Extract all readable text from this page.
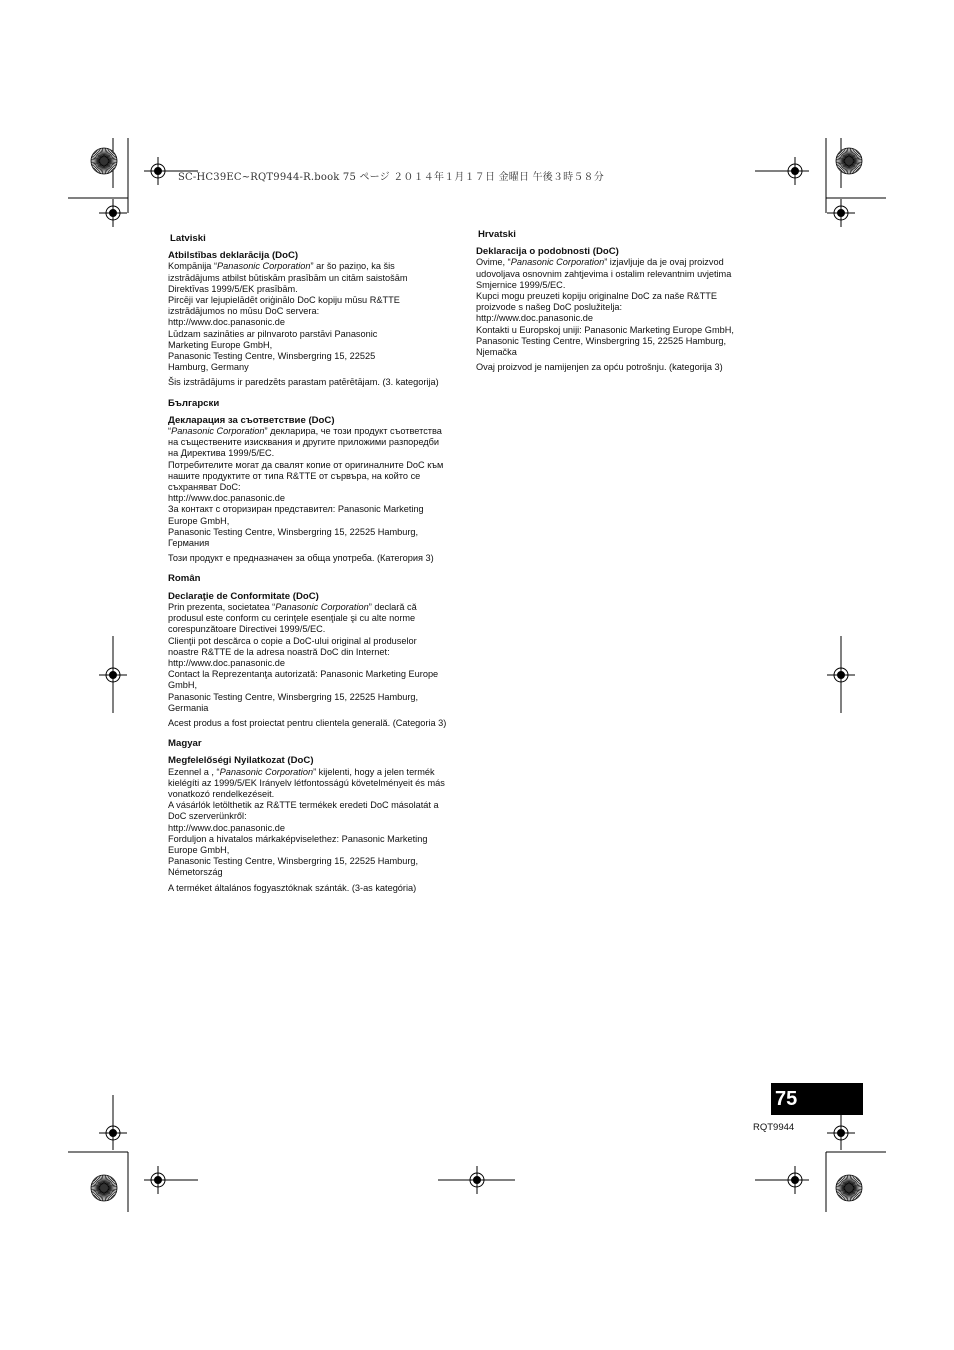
SC-HC39EC~RQT9944-R.book 75 ページ ２０１４年１月１７日 金曜日 午後３時５８分
Latviski
Atbilstības deklarācija (DoC)
Kompānija “Panasonic Corporation” ar šo paziņo, ka šis
izstrādājums atbilst būtiskām prasībām un citām saistošām
Direktīvas 1999/5/EK prasībām.
Pircēji var lejupielādēt oriģinālo DoC kopiju mūsu R&TTE
izstrādājumos no mūsu DoC servera:
http://www.doc.panasonic.de
Lūdzam sazināties ar pilnvaroto parstāvi Panasonic
Marketing Europe GmbH,
Panasonic Testing Centre, Winsbergring 15, 22525
Hamburg, Germany
Šis izstrādājums ir paredzēts parastam patērētājam. (3. kategorija)
Български
Декларация за съответствие (DoC)
“Panasonic Corporation” декларира, че този продукт съответства
на съществените изисквания и другите приложими разпоредби
на Директива 1999/5/EC.
Потребителите могат да свалят копие от оригиналните DoC към
нашите продуктите от типа R&TTE от сървъра, на който се
съхраняват DoC:
http://www.doc.panasonic.de
За контакт с оторизиран представител: Panasonic Marketing
Europe GmbH,
Panasonic Testing Centre, Winsbergring 15, 22525 Hamburg,
Германия
Този продукт е предназначен за обща употреба. (Категория 3)
Român
Declaraţie de Conformitate (DoC)
Prin prezenta, societatea “Panasonic Corporation” declară că
produsul este conform cu cerinţele esenţiale şi cu alte norme
corespunzătoare Directivei 1999/5/EC.
Clienţii pot descărca o copie a DoC-ului original al produselor
noastre R&TTE de la adresa noastră DoC din Internet:
http://www.doc.panasonic.de
Contact la Reprezentanţa autorizată: Panasonic Marketing Europe
GmbH,
Panasonic Testing Centre, Winsbergring 15, 22525 Hamburg,
Germania
Acest produs a fost proiectat pentru clientela generală. (Categoria 3)
Magyar
Megfelelőségi Nyilatkozat (DoC)
Ezennel a , “Panasonic Corporation” kijelenti, hogy a jelen termék
kielégíti az 1999/5/EK Irányelv létfontosságú követelményeit és más
vonatkozó rendelkezéseit.
A vásárlók letölthetik az R&TTE termékek eredeti DoC másolatát a
DoC szerverünkről:
http://www.doc.panasonic.de
Forduljon a hivatalos márkaképviselethez: Panasonic Marketing
Europe GmbH,
Panasonic Testing Centre, Winsbergring 15, 22525 Hamburg,
Németország
A terméket általános fogyasztóknak szánták. (3-as kategória)
Hrvatski
Deklaracija o podobnosti (DoC)
Ovime, “Panasonic Corporation” izjavljuje da je ovaj proizvod
udovoljava osnovnim zahtjevima i ostalim relevantnim uvjetima
Smjernice 1999/5/EC.
Kupci mogu preuzeti kopiju originalne DoC za naše R&TTE
proizvode s našeg DoC poslužitelja:
http://www.doc.panasonic.de
Kontakti u Europskoj uniji: Panasonic Marketing Europe GmbH,
Panasonic Testing Centre, Winsbergring 15, 22525 Hamburg,
Njemačka
Ovaj proizvod je namijenjen za opću potrošnju. (kategorija 3)
75
RQT9944
